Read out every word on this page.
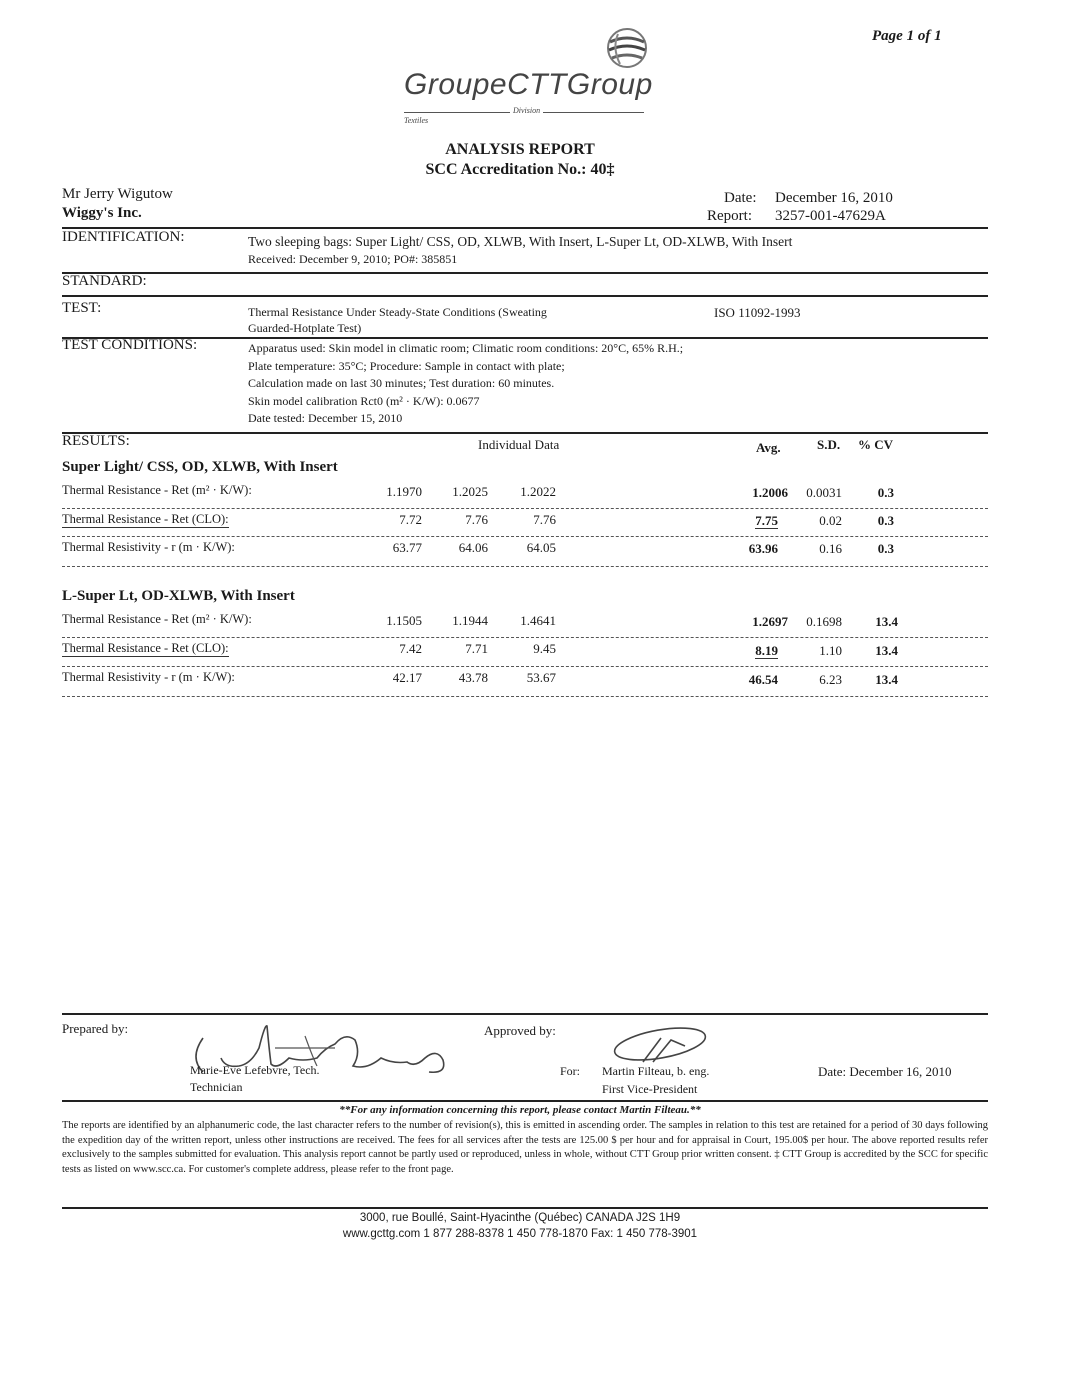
Page 1 of 1
GroupeCTTGroup
Division
Textiles
ANALYSIS REPORT
SCC Accreditation No.: 40‡
Mr Jerry Wigutow
Wiggy's Inc.
Date: December 16, 2010
Report: 3257-001-47629A
IDENTIFICATION:	Two sleeping bags: Super Light/ CSS, OD, XLWB, With Insert, L-Super Lt, OD-XLWB, With Insert
Received: December 9, 2010; PO#: 385851
STANDARD:
TEST:	Thermal Resistance Under Steady-State Conditions (Sweating
Guarded-Hotplate Test)
ISO 11092-1993
TEST CONDITIONS:	Apparatus used: Skin model in climatic room; Climatic room conditions: 20°C, 65% R.H.;
Plate temperature: 35°C; Procedure: Sample in contact with plate;
Calculation made on last 30 minutes; Test duration: 60 minutes.
Skin model calibration Rct0 (m² · K/W): 0.0677
Date tested: December 15, 2010
RESULTS:	Individual Data	Avg.	S.D. % CV
Super Light/ CSS, OD, XLWB, With Insert
Thermal Resistance - Ret (m² · K/W):	1.1970	1.2025	1.2022	1.2006	0.0031	0.3
Thermal Resistance - Ret (CLO):	7.72	7.76	7.76	7.75	0.02	0.3
Thermal Resistivity - r (m · K/W):	63.77	64.06	64.05	63.96	0.16	0.3
L-Super Lt, OD-XLWB, With Insert
Thermal Resistance - Ret (m² · K/W):	1.1505	1.1944	1.4641	1.2697	0.1698	13.4
Thermal Resistance - Ret (CLO):	7.42	7.71	9.45	8.19	1.10	13.4
Thermal Resistivity - r (m · K/W):	42.17	43.78	53.67	46.54	6.23	13.4
Prepared by:
Marie-Eve Lefebvre, Tech.
Technician
Approved by:
For: Martin Filteau, b. eng.
First Vice-President
Date: December 16, 2010
**For any information concerning this report, please contact Martin Filteau.**
The reports are identified by an alphanumeric code, the last character refers to the number of revision(s), this is emitted in ascending order. The samples in relation to this test are retained for a period of 30 days following the expedition day of the written report, unless other instructions are received. The fees for all services after the tests are 125.00 $ per hour and for appraisal in Court, 195.00$ per hour. The above reported results refer exclusively to the samples submitted for evaluation. This analysis report cannot be partly used or reproduced, unless in whole, without CTT Group prior written consent. ‡ CTT Group is accredited by the SCC for specific tests as listed on www.scc.ca. For customer's complete address, please refer to the front page.
3000, rue Boullé, Saint-Hyacinthe (Québec) CANADA J2S 1H9
www.gcttg.com 1 877 288-8378 1 450 778-1870 Fax: 1 450 778-3901
